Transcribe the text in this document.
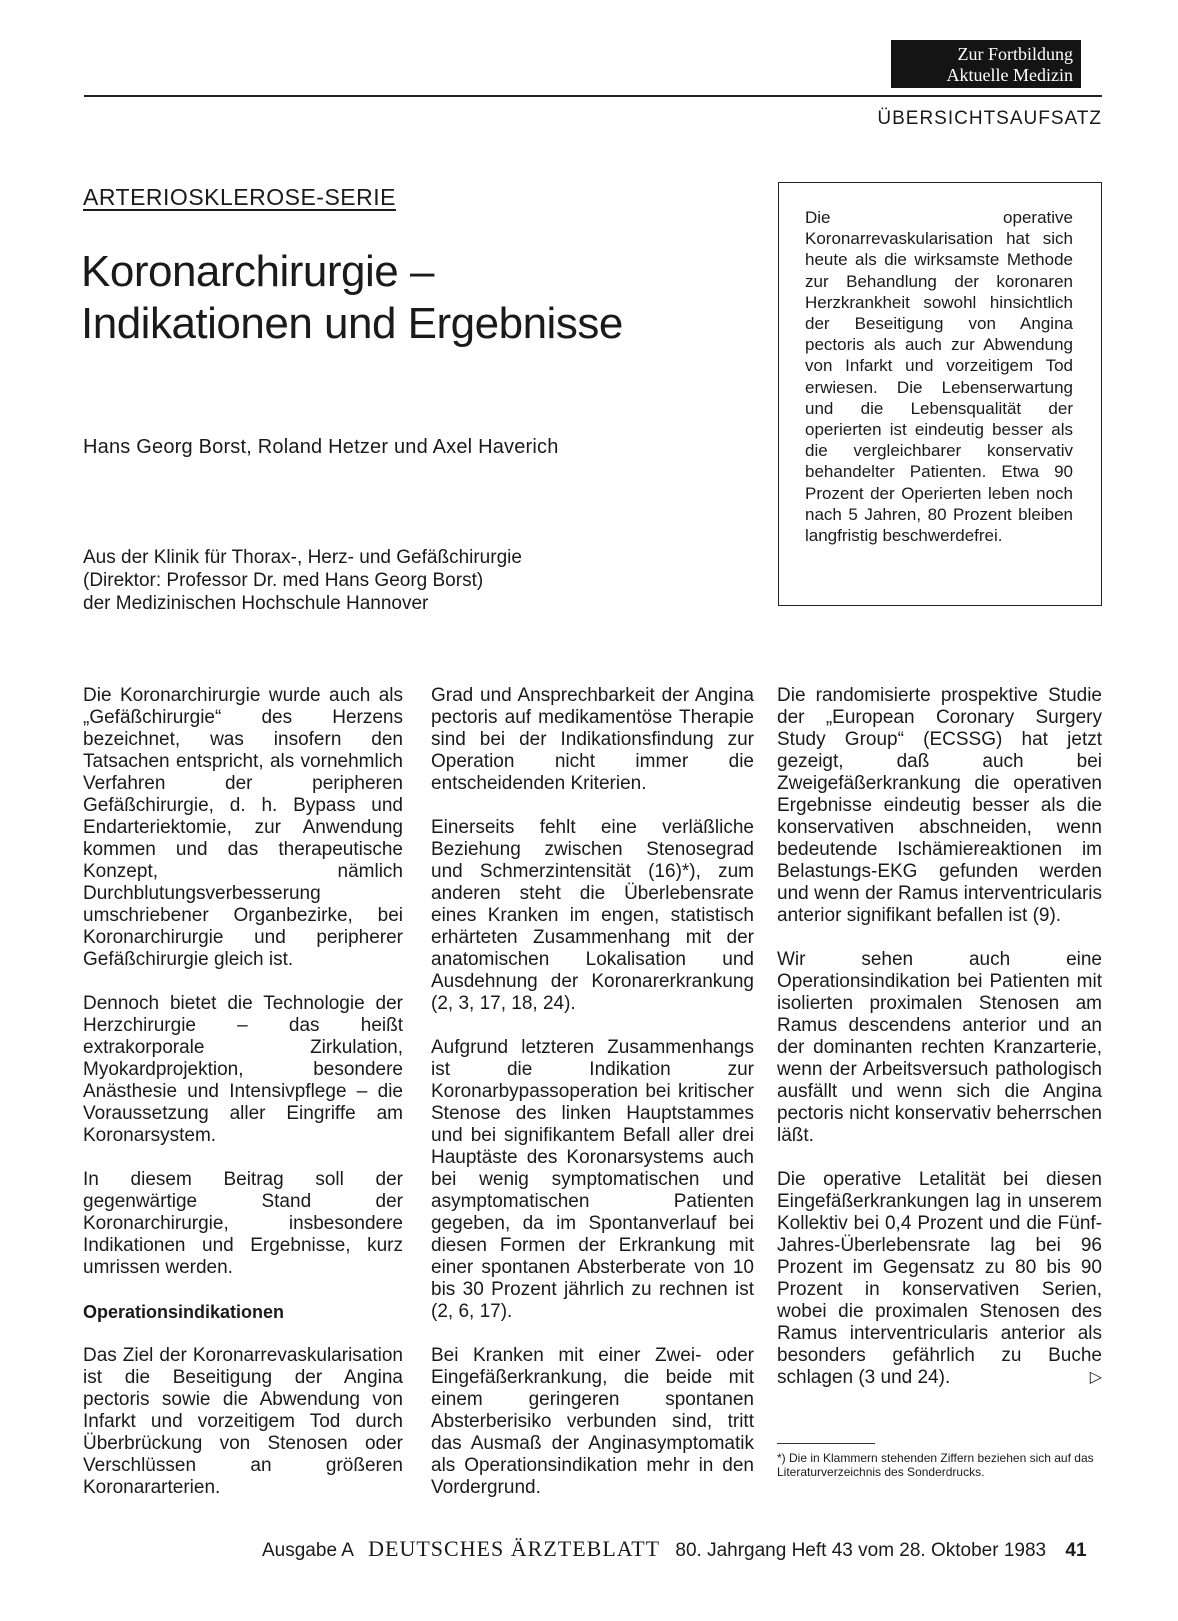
Zur Fortbildung
Aktuelle Medizin
ÜBERSICHTSAUFSATZ
ARTERIOSKLEROSE-SERIE
Koronarchirurgie –
Indikationen und Ergebnisse
Hans Georg Borst, Roland Hetzer und Axel Haverich
Aus der Klinik für Thorax-, Herz- und Gefäßchirurgie
(Direktor: Professor Dr. med Hans Georg Borst)
der Medizinischen Hochschule Hannover
Die operative Koronarrevaskularisation hat sich heute als die wirksamste Methode zur Behandlung der koronaren Herzkrankheit sowohl hinsichtlich der Beseitigung von Angina pectoris als auch zur Abwendung von Infarkt und vorzeitigem Tod erwiesen. Die Lebenserwartung und die Lebensqualität der operierten ist eindeutig besser als die vergleichbarer konservativ behandelter Patienten. Etwa 90 Prozent der Operierten leben noch nach 5 Jahren, 80 Prozent bleiben langfristig beschwerdefrei.

Die Koronarchirurgie wurde auch als „Gefäßchirurgie“ des Herzens bezeichnet, was insofern den Tatsachen entspricht, als vornehmlich Verfahren der peripheren Gefäßchirurgie, d. h. Bypass und Endarteriektomie, zur Anwendung kommen und das therapeutische Konzept, nämlich Durchblutungsverbesserung umschriebener Organbezirke, bei Koronarchirurgie und peripherer Gefäßchirurgie gleich ist.

Dennoch bietet die Technologie der Herzchirurgie – das heißt extrakorporale Zirkulation, Myokardprojektion, besondere Anästhesie und Intensivpflege – die Voraussetzung aller Eingriffe am Koronarsystem.

In diesem Beitrag soll der gegenwärtige Stand der Koronarchirurgie, insbesondere Indikationen und Ergebnisse, kurz umrissen werden.

Operationsindikationen

Das Ziel der Koronarrevaskularisation ist die Beseitigung der Angina pectoris sowie die Abwendung von Infarkt und vorzeitigem Tod durch Überbrückung von Stenosen oder Verschlüssen an größeren Koronararterien.

Grad und Ansprechbarkeit der Angina pectoris auf medikamentöse Therapie sind bei der Indikationsfindung zur Operation nicht immer die entscheidenden Kriterien.

Einerseits fehlt eine verläßliche Beziehung zwischen Stenosegrad und Schmerzintensität (16)*), zum anderen steht die Überlebensrate eines Kranken im engen, statistisch erhärteten Zusammenhang mit der anatomischen Lokalisation und Ausdehnung der Koronarerkrankung (2, 3, 17, 18, 24).

Aufgrund letzteren Zusammenhangs ist die Indikation zur Koronarbypassoperation bei kritischer Stenose des linken Hauptstammes und bei signifikantem Befall aller drei Hauptäste des Koronarsystems auch bei wenig symptomatischen und asymptomatischen Patienten gegeben, da im Spontanverlauf bei diesen Formen der Erkrankung mit einer spontanen Absterberate von 10 bis 30 Prozent jährlich zu rechnen ist (2, 6, 17).

Bei Kranken mit einer Zwei- oder Eingefäßerkrankung, die beide mit einem geringeren spontanen Absterberisiko verbunden sind, tritt das Ausmaß der Anginasymptomatik als Operationsindikation mehr in den Vordergrund.

Die randomisierte prospektive Studie der „European Coronary Surgery Study Group“ (ECSSG) hat jetzt gezeigt, daß auch bei Zweigefäßerkrankung die operativen Ergebnisse eindeutig besser als die konservativen abschneiden, wenn bedeutende Ischämiereaktionen im Belastungs-EKG gefunden werden und wenn der Ramus interventricularis anterior signifikant befallen ist (9).

Wir sehen auch eine Operationsindikation bei Patienten mit isolierten proximalen Stenosen am Ramus descendens anterior und an der dominanten rechten Kranzarterie, wenn der Arbeitsversuch pathologisch ausfällt und wenn sich die Angina pectoris nicht konservativ beherrschen läßt.

Die operative Letalität bei diesen Eingefäßerkrankungen lag in unserem Kollektiv bei 0,4 Prozent und die Fünf-Jahres-Überlebensrate lag bei 96 Prozent im Gegensatz zu 80 bis 90 Prozent in konservativen Serien, wobei die proximalen Stenosen des Ramus interventricularis anterior als besonders gefährlich zu Buche schlagen (3 und 24).	▷

*) Die in Klammern stehenden Ziffern beziehen sich auf das Literaturverzeichnis des Sonderdrucks.
Ausgabe A DEUTSCHES ÄRZTEBLATT 80. Jahrgang Heft 43 vom 28. Oktober 1983 41
